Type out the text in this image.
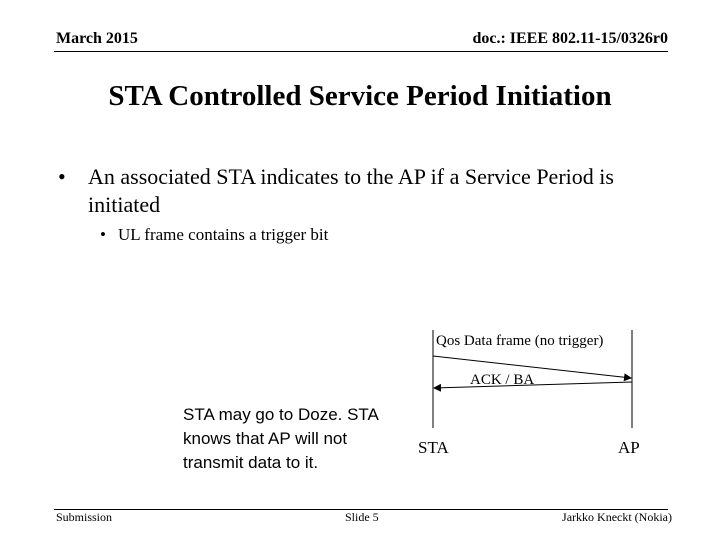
March 2015	doc.: IEEE 802.11-15/0326r0
STA Controlled Service Period Initiation
•	An associated STA indicates to the AP if a Service Period is initiated
• UL frame contains a trigger bit
Qos Data frame (no trigger)
ACK / BA
STA	AP
STA may go to Doze. STA knows that AP will not transmit data to it.
Submission	Slide 5	Jarkko Kneckt (Nokia)
